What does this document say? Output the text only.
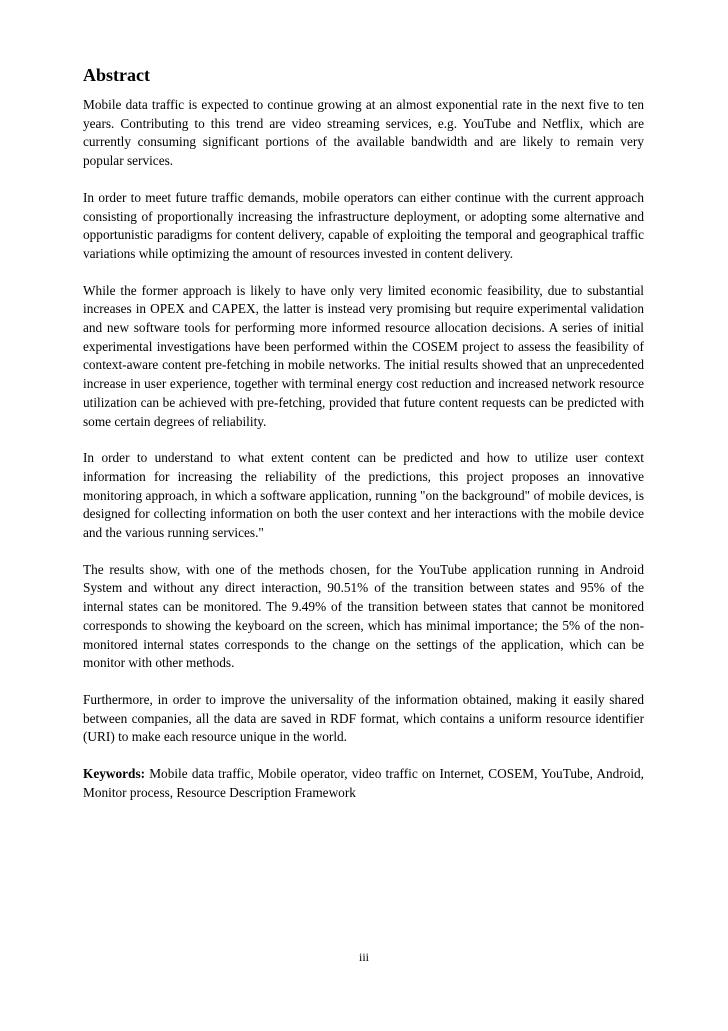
Abstract

Mobile data traffic is expected to continue growing at an almost exponential rate in the next five to ten years. Contributing to this trend are video streaming services, e.g. YouTube and Netflix, which are currently consuming significant portions of the available bandwidth and are likely to remain very popular services.

In order to meet future traffic demands, mobile operators can either continue with the current approach consisting of proportionally increasing the infrastructure deployment, or adopting some alternative and opportunistic paradigms for content delivery, capable of exploiting the temporal and geographical traffic variations while optimizing the amount of resources invested in content delivery.

While the former approach is likely to have only very limited economic feasibility, due to substantial increases in OPEX and CAPEX, the latter is instead very promising but require experimental validation and new software tools for performing more informed resource allocation decisions. A series of initial experimental investigations have been performed within the COSEM project to assess the feasibility of context-aware content pre-fetching in mobile networks. The initial results showed that an unprecedented increase in user experience, together with terminal energy cost reduction and increased network resource utilization can be achieved with pre-fetching, provided that future content requests can be predicted with some certain degrees of reliability.

In order to understand to what extent content can be predicted and how to utilize user context information for increasing the reliability of the predictions, this project proposes an innovative monitoring approach, in which a software application, running "on the background" of mobile devices, is designed for collecting information on both the user context and her interactions with the mobile device and the various running services."

The results show, with one of the methods chosen, for the YouTube application running in Android System and without any direct interaction, 90.51% of the transition between states and 95% of the internal states can be monitored. The 9.49% of the transition between states that cannot be monitored corresponds to showing the keyboard on the screen, which has minimal importance; the 5% of the non-monitored internal states corresponds to the change on the settings of the application, which can be monitor with other methods.

Furthermore, in order to improve the universality of the information obtained, making it easily shared between companies, all the data are saved in RDF format, which contains a uniform resource identifier (URI) to make each resource unique in the world.

Keywords: Mobile data traffic, Mobile operator, video traffic on Internet, COSEM, YouTube, Android, Monitor process, Resource Description Framework

iii
